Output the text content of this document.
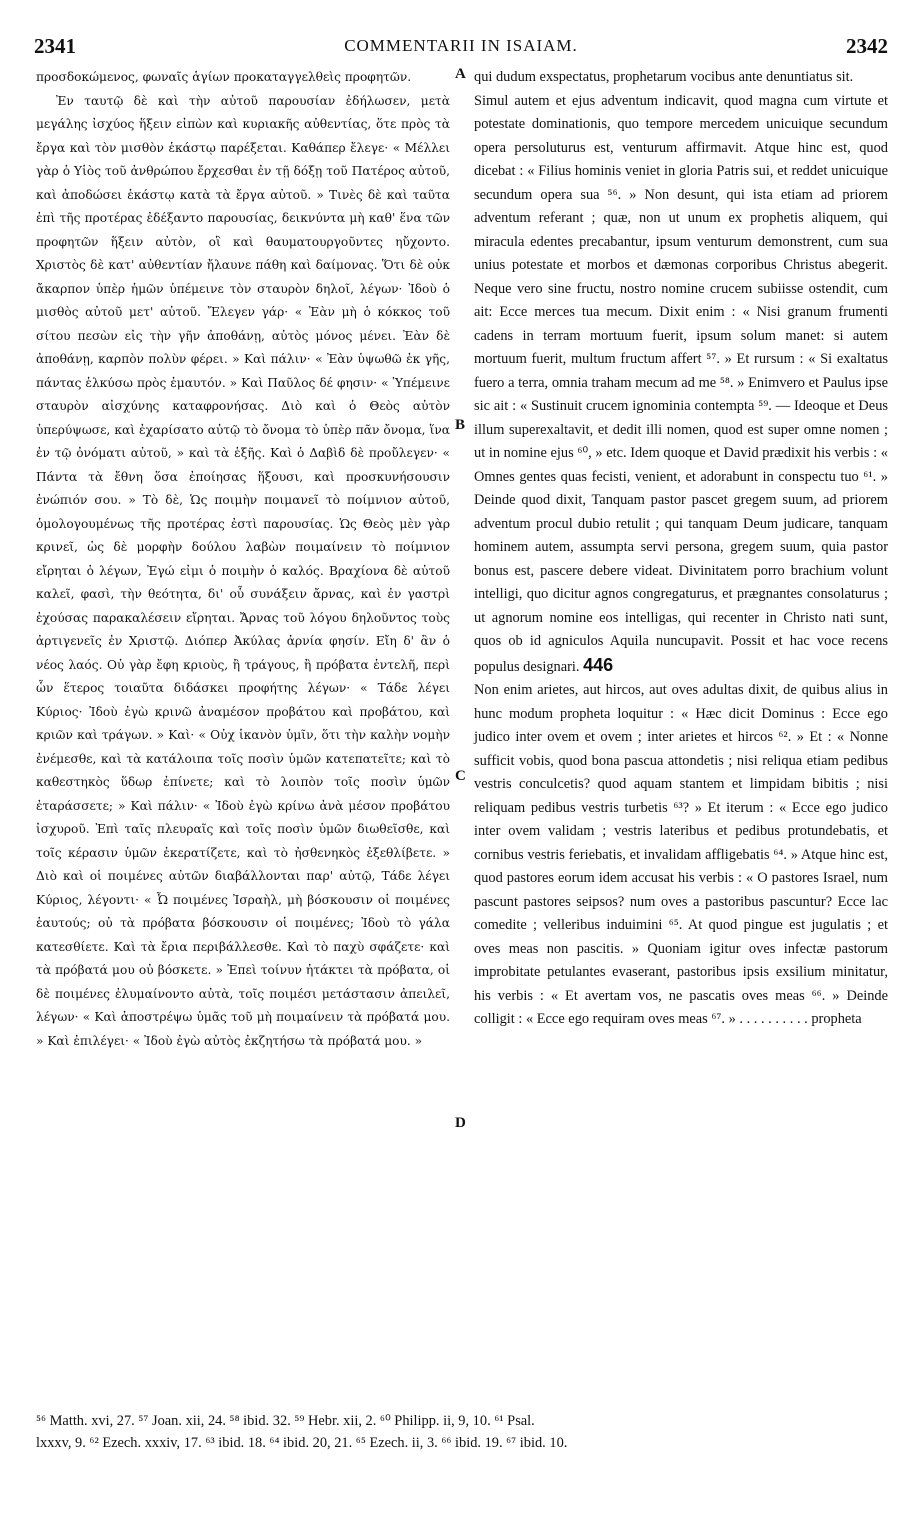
2341	COMMENTARII IN ISAIAM.	2342

προσδοκώμενος, φωναῖς ἁγίων προκαταγγελθεὶς προφητῶν.

Ἐν ταυτῷ δὲ καὶ τὴν αὐτοῦ παρουσίαν ἐδήλωσεν, μετὰ μεγάλης ἰσχύος ἥξειν εἰπὼν καὶ κυριακῆς αὐθεντίας, ὅτε πρὸς τὰ ἔργα καὶ τὸν μισθὸν ἑκάστῳ παρέξεται. Καθάπερ ἔλεγε· « Μέλλει γὰρ ὁ Υἱὸς τοῦ ἀνθρώπου ἔρχεσθαι ἐν τῇ δόξῃ τοῦ Πατέρος αὐτοῦ, καὶ ἀποδώσει ἑκάστῳ κατὰ τὰ ἔργα αὐτοῦ. » Τινὲς δὲ καὶ ταῦτα ἐπὶ τῆς προτέρας ἐδέξαντο παρουσίας, δεικνύντα μὴ καθ' ἕνα τῶν προφητῶν ἥξειν αὐτὸν, οἳ καὶ θαυματουργοῦντες ηὔχοντο. Χριστὸς δὲ κατ' αὐθεντίαν ἤλαυνε πάθη καὶ δαίμονας. Ὅτι δὲ οὐκ ἄκαρπον ὑπὲρ ἡμῶν ὑπέμεινε τὸν σταυρὸν δηλοῖ, λέγων· Ἰδοὺ ὁ μισθὸς αὐτοῦ μετ' αὐτοῦ. Ἔλεγεν γάρ· « Ἐὰν μὴ ὁ κόκκος τοῦ σίτου πεσὼν εἰς τὴν γῆν ἀποθάνῃ, αὐτὸς μόνος μένει. Ἐὰν δὲ ἀποθάνῃ, καρπὸν πολὺν φέρει. » Καὶ πάλιν· « Ἐὰν ὑψωθῶ ἐκ γῆς, πάντας ἑλκύσω πρὸς ἐμαυτόν. » Καὶ Παῦλος δέ φησιν· « Ὑπέμεινε σταυρὸν αἰσχύνης καταφρονήσας. Διὸ καὶ ὁ Θεὸς αὐτὸν ὑπερύψωσε, καὶ ἐχαρίσατο αὐτῷ τὸ ὄνομα τὸ ὑπὲρ πᾶν ὄνομα, ἵνα ἐν τῷ ὀνόματι αὐτοῦ, » καὶ τὰ ἑξῆς. Καὶ ὁ Δαβὶδ δὲ προὔλεγεν· « Πάντα τὰ ἔθνη ὅσα ἐποίησας ἥξουσι, καὶ προσκυνήσουσιν ἐνώπιόν σου. » Τὸ δὲ, Ὡς ποιμὴν ποιμανεῖ τὸ ποίμνιον αὐτοῦ, ὁμολογουμένως τῆς προτέρας ἐστὶ παρουσίας. Ὡς Θεὸς μὲν γὰρ κρινεῖ, ὡς δὲ μορφὴν δούλου λαβὼν ποιμαίνειν τὸ ποίμνιον εἴρηται ὁ λέγων, Ἐγώ εἰμι ὁ ποιμὴν ὁ καλός. Βραχίονα δὲ αὐτοῦ καλεῖ, φασὶ, τὴν θεότητα, δι' οὗ συνάξειν ἄρνας, καὶ ἐν γαστρὶ ἐχούσας παρακαλέσειν εἴρηται. Ἄρνας τοῦ λόγου δηλοῦντος τοὺς ἀρτιγενεῖς ἐν Χριστῷ. Διόπερ Ἀκύλας ἀρνία φησίν. Εἴη δ' ἂν ὁ νέος λαός. Οὐ γὰρ ἔφη κριοὺς, ἢ τράγους, ἢ πρόβατα ἐντελῆ, περὶ ὧν ἕτερος τοιαῦτα διδάσκει προφήτης λέγων· « Τάδε λέγει Κύριος· Ἰδοὺ ἐγὼ κρινῶ ἀναμέσον προβάτου καὶ προβάτου, καὶ κριῶν καὶ τράγων. » Καὶ· « Οὐχ ἱκανὸν ὑμῖν, ὅτι τὴν καλὴν νομὴν ἐνέμεσθε, καὶ τὰ κατάλοιπα τοῖς ποσὶν ὑμῶν κατεπατεῖτε; καὶ τὸ καθεστηκὸς ὕδωρ ἐπίνετε; καὶ τὸ λοιπὸν τοῖς ποσὶν ὑμῶν ἐταράσσετε; » Καὶ πάλιν· « Ἰδοὺ ἐγὼ κρίνω ἀνὰ μέσον προβάτου ἰσχυροῦ. Ἐπὶ ταῖς πλευραῖς καὶ τοῖς ποσὶν ὑμῶν διωθεῖσθε, καὶ τοῖς κέρασιν ὑμῶν ἐκερατίζετε, καὶ τὸ ἠσθενηκὸς ἐξεθλίβετε. » Διὸ καὶ οἱ ποιμένες αὐτῶν διαβάλλονται παρ' αὐτῷ, Τάδε λέγει Κύριος, λέγοντι· « Ὦ ποιμένες Ἰσραὴλ, μὴ βόσκουσιν οἱ ποιμένες ἑαυτούς; οὐ τὰ πρόβατα βόσκουσιν οἱ ποιμένες; Ἰδοὺ τὸ γάλα κατεσθίετε. Καὶ τὰ ἔρια περιβάλλεσθε. Καὶ τὸ παχὺ σφάζετε· καὶ τὰ πρόβατά μου οὐ βόσκετε. » Ἐπεὶ τοίνυν ἠτάκτει τὰ πρόβατα, οἱ δὲ ποιμένες ἐλυμαίνοντο αὐτὰ, τοῖς ποιμέσι μετάστασιν ἀπειλεῖ, λέγων· « Καὶ ἀποστρέψω ὑμᾶς τοῦ μὴ ποιμαίνειν τὰ πρόβατά μου. » Καὶ ἐπιλέγει· « Ἰδοὺ ἐγὼ αὐτὸς ἐκζητήσω τὰ πρόβατά μου. »

A
B
C
D

qui dudum exspectatus, prophetarum vocibus ante denuntiatus sit.

Simul autem et ejus adventum indicavit, quod magna cum virtute et potestate dominationis, quo tempore mercedem unicuique secundum opera persoluturus est, venturum affirmavit. Atque hinc est, quod dicebat : « Filius hominis veniet in gloria Patris sui, et reddet unicuique secundum opera sua ⁵⁶. » Non desunt, qui ista etiam ad priorem adventum referant ; quæ, non ut unum ex prophetis aliquem, qui miracula edentes precabantur, ipsum venturum demonstrent, cum sua unius potestate et morbos et dæmonas corporibus Christus abegerit. Neque vero sine fructu, nostro nomine crucem subiisse ostendit, cum ait: Ecce merces tua mecum. Dixit enim : « Nisi granum frumenti cadens in terram mortuum fuerit, ipsum solum manet: si autem mortuum fuerit, multum fructum affert ⁵⁷. » Et rursum : « Si exaltatus fuero a terra, omnia traham mecum ad me ⁵⁸. » Enimvero et Paulus ipse sic ait : « Sustinuit crucem ignominia contempta ⁵⁹. — Ideoque et Deus illum superexaltavit, et dedit illi nomen, quod est super omne nomen ; ut in nomine ejus ⁶⁰, » etc. Idem quoque et David prædixit his verbis : « Omnes gentes quas fecisti, venient, et adorabunt in conspectu tuo ⁶¹. » Deinde quod dixit, Tanquam pastor pascet gregem suum, ad priorem adventum procul dubio retulit ; qui tanquam Deum judicare, tanquam hominem autem, assumpta servi persona, gregem suum, quia pastor bonus est, pascere debere videat. Divinitatem porro brachium volunt intelligi, quo dicitur agnos congregaturus, et prægnantes consolaturus ; ut agnorum nomine eos intelligas, qui recenter in Christo nati sunt, quos ob id agniculos Aquila nuncupavit. Possit et hac voce recens populus designari. 446

Non enim arietes, aut hircos, aut oves adultas dixit, de quibus alius in hunc modum propheta loquitur : « Hæc dicit Dominus : Ecce ego judico inter ovem et ovem ; inter arietes et hircos ⁶². » Et : « Nonne sufficit vobis, quod bona pascua attondetis ; nisi reliqua etiam pedibus vestris conculcetis? quod aquam stantem et limpidam bibitis ; nisi reliquam pedibus vestris turbetis ⁶³? » Et iterum : « Ecce ego judico inter ovem validam ; vestris lateribus et pedibus protundebatis, et cornibus vestris feriebatis, et invalidam affligebatis ⁶⁴. » Atque hinc est, quod pastores eorum idem accusat his verbis : « O pastores Israel, num pascunt pastores seipsos? num oves a pastoribus pascuntur? Ecce lac comedite ; velleribus induimini ⁶⁵. At quod pingue est jugulatis ; et oves meas non pascitis. » Quoniam igitur oves infectæ pastorum improbitate petulantes evaserant, pastoribus ipsis exsilium minitatur, his verbis : « Et avertam vos, ne pascatis oves meas ⁶⁶. » Deinde colligit : « Ecce ego requiram oves meas ⁶⁷. » . . . . . . . . . . propheta

⁵⁶ Matth. xvi, 27. ⁵⁷ Joan. xii, 24. ⁵⁸ ibid. 32. ⁵⁹ Hebr. xii, 2. ⁶⁰ Philipp. ii, 9, 10. ⁶¹ Psal.

lxxxv, 9. ⁶² Ezech. xxxiv, 17. ⁶³ ibid. 18. ⁶⁴ ibid. 20, 21. ⁶⁵ Ezech. ii, 3. ⁶⁶ ibid. 19. ⁶⁷ ibid. 10.
